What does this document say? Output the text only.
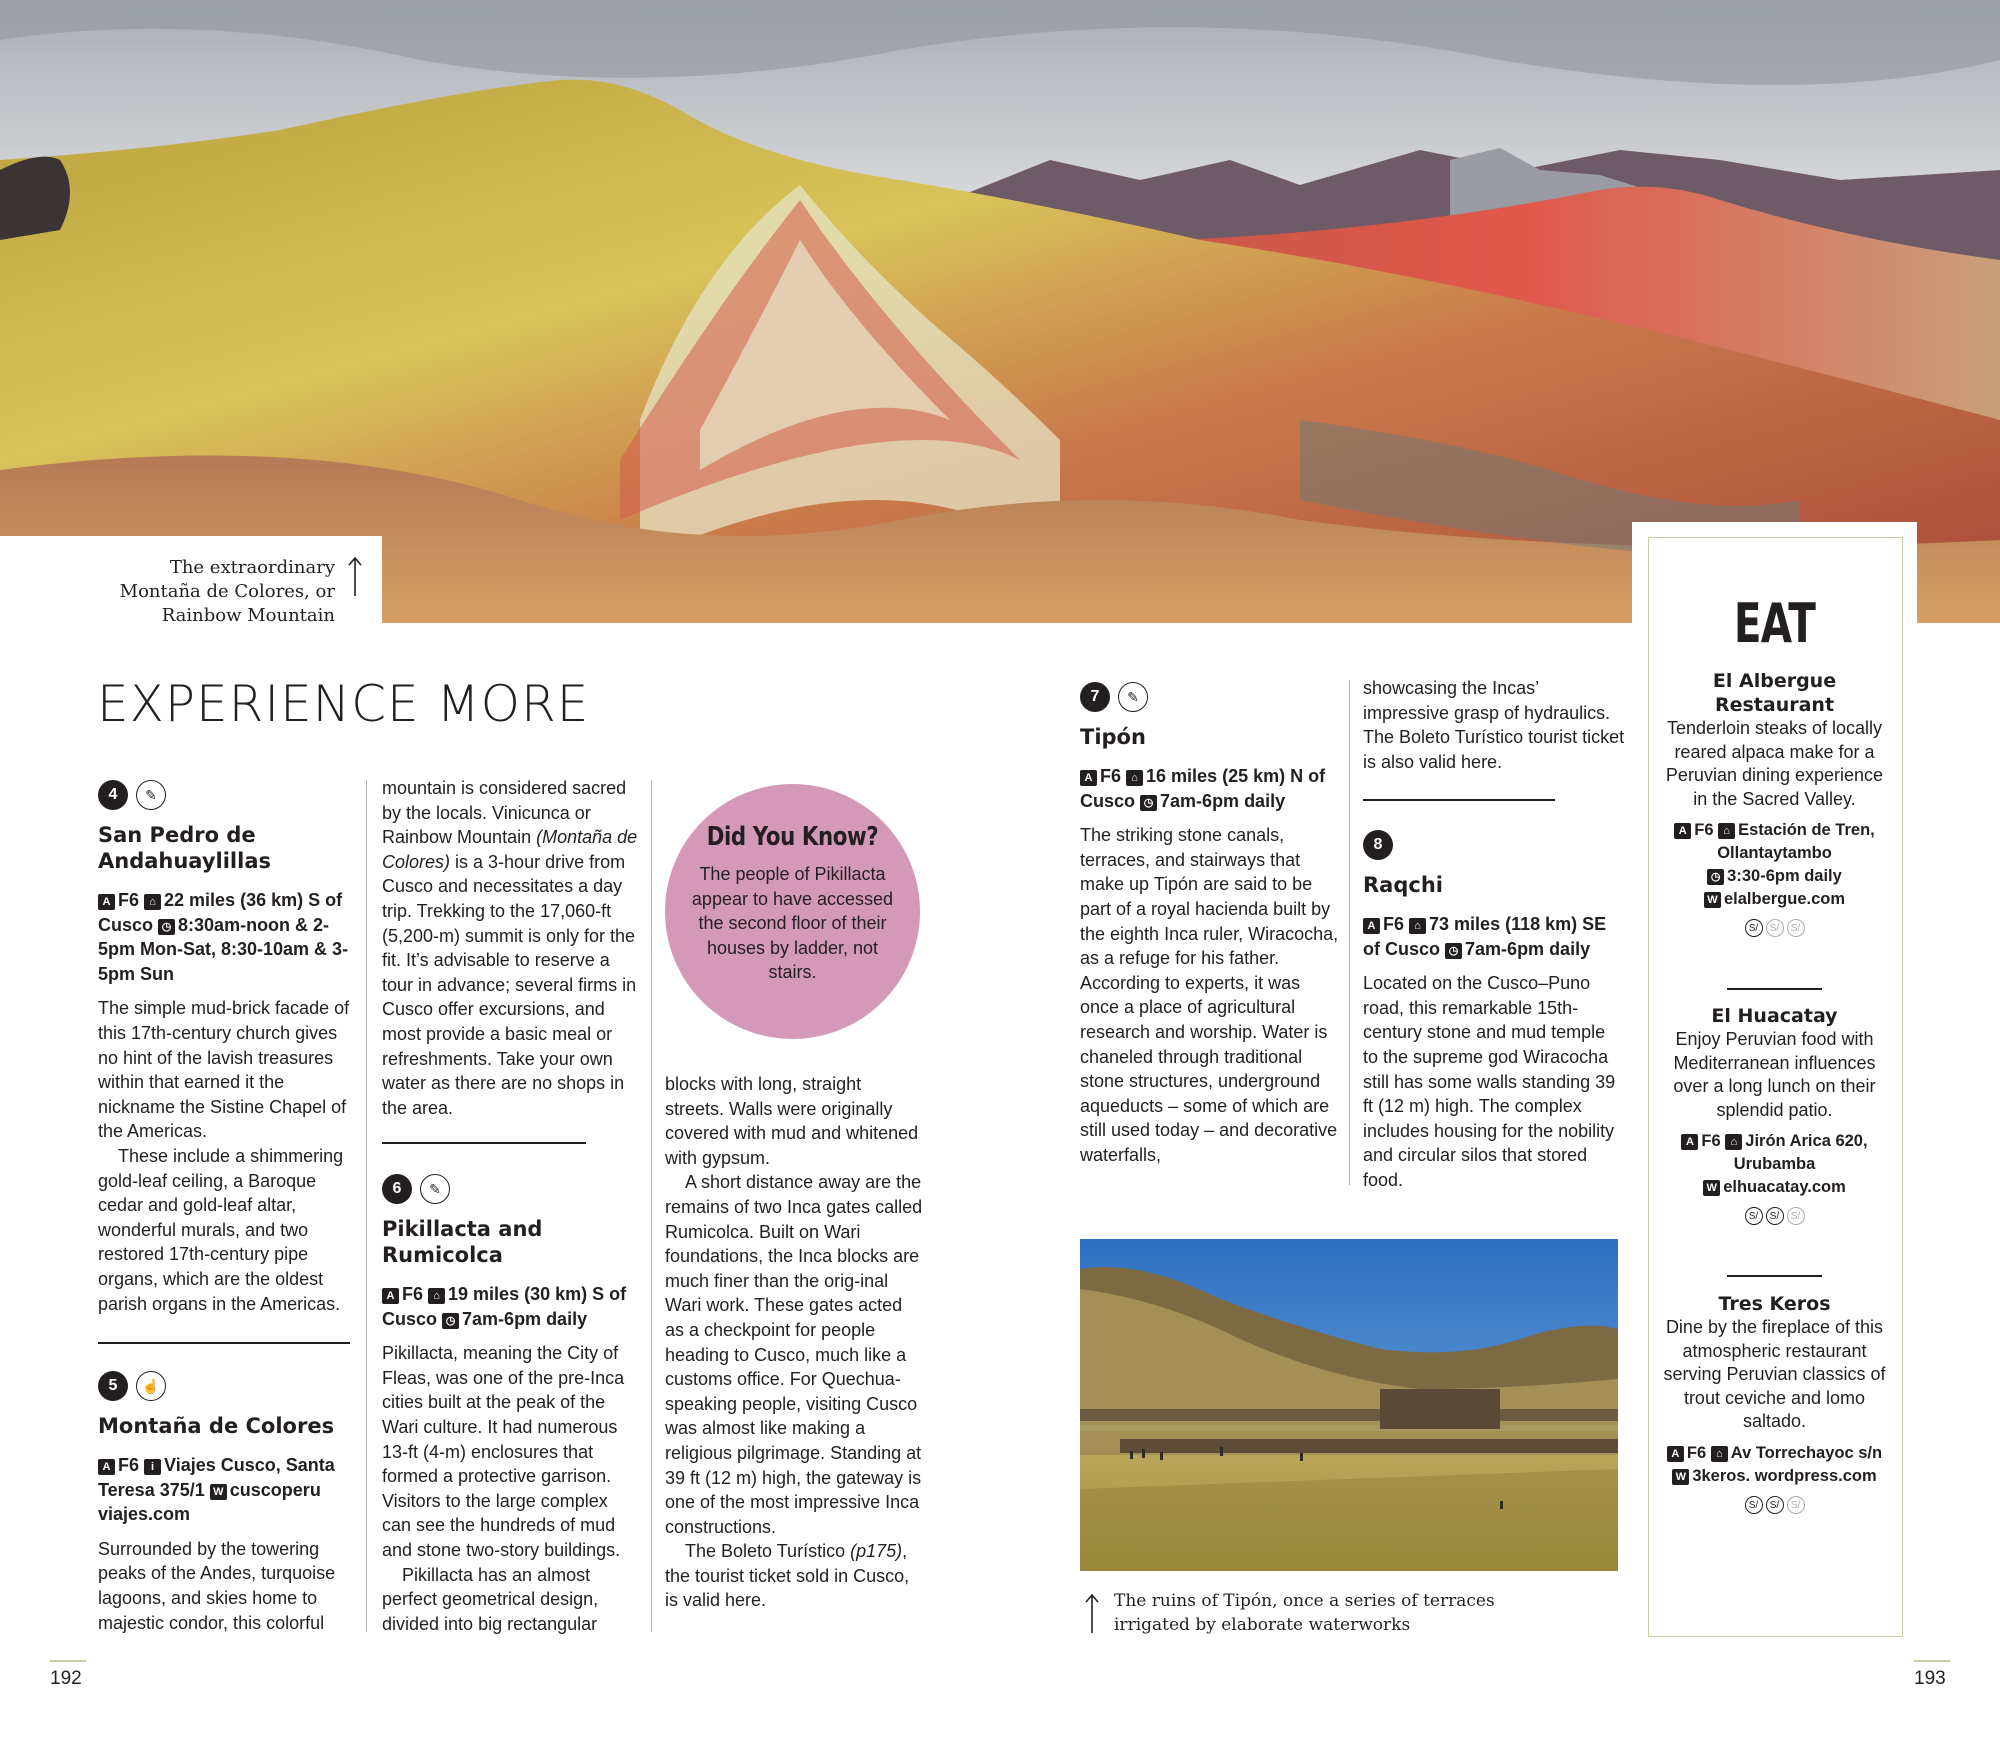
The extraordinary Montaña de Colores, or Rainbow Mountain
EXPERIENCE MORE
4	✎
San Pedro de Andahuaylillas
A F6 ⌂ 22 miles (36 km) S of Cusco ◷ 8:30am-noon & 2-5pm Mon-Sat, 8:30-10am & 3-5pm Sun

The simple mud-brick facade of this 17th-century church gives no hint of the lavish treasures within that earned it the nickname the Sistine Chapel of the Americas.

These include a shimmering gold-leaf ceiling, a Baroque cedar and gold-leaf altar, wonderful murals, and two restored 17th-century pipe organs, which are the oldest parish organs in the Americas.

5	☝
Montaña de Colores
A F6 i Viajes Cusco, Santa Teresa 375/1 W cuscoperu viajes.com

Surrounded by the towering peaks of the Andes, turquoise lagoons, and skies home to majestic condor, this colorful

mountain is considered sacred by the locals. Vinicunca or Rainbow Mountain (Montaña de Colores) is a 3-hour drive from Cusco and necessitates a day trip. Trekking to the 17,060-ft (5,200-m) summit is only for the fit. It’s advisable to reserve a tour in advance; several firms in Cusco offer excursions, and most provide a basic meal or refreshments. Take your own water as there are no shops in the area.

6	✎
Pikillacta and Rumicolca
A F6 ⌂ 19 miles (30 km) S of Cusco ◷ 7am-6pm daily

Pikillacta, meaning the City of Fleas, was one of the pre-Inca cities built at the peak of the Wari culture. It had numerous 13-ft (4-m) enclosures that formed a protective garrison. Visitors to the large complex can see the hundreds of mud and stone two-story buildings.

Pikillacta has an almost perfect geometrical design, divided into big rectangular

Did You Know?
The people of Pikillacta appear to have accessed the second floor of their houses by ladder, not stairs.

blocks with long, straight streets. Walls were originally covered with mud and whitened with gypsum.

A short distance away are the remains of two Inca gates called Rumicolca. Built on Wari foundations, the Inca blocks are much finer than the orig-inal Wari work. These gates acted as a checkpoint for people heading to Cusco, much like a customs office. For Quechua-speaking people, visiting Cusco was almost like making a religious pilgrimage. Standing at 39 ft (12 m) high, the gateway is one of the most impressive Inca constructions.

The Boleto Turístico (p175), the tourist ticket sold in Cusco, is valid here.

7	✎
Tipón
A F6 ⌂ 16 miles (25 km) N of Cusco ◷ 7am-6pm daily

The striking stone canals, terraces, and stairways that make up Tipón are said to be part of a royal hacienda built by the eighth Inca ruler, Wiracocha, as a refuge for his father. According to experts, it was once a place of agricultural research and worship. Water is chaneled through traditional stone structures, underground aqueducts – some of which are still used today – and decorative waterfalls,

showcasing the Incas’ impressive grasp of hydraulics. The Boleto Turístico tourist ticket is also valid here.

8
Raqchi
A F6 ⌂ 73 miles (118 km) SE of Cusco ◷ 7am-6pm daily

Located on the Cusco–Puno road, this remarkable 15th-century stone and mud temple to the supreme god Wiracocha still has some walls standing 39 ft (12 m) high. The complex includes housing for the nobility and circular silos that stored food.

The ruins of Tipón, once a series of terraces irrigated by elaborate waterworks
EAT
El Albergue Restaurant
Tenderloin steaks of locally reared alpaca make for a Peruvian dining experience in the Sacred Valley.
A F6 ⌂ Estación de Tren, Ollantaytambo
◷ 3:30-6pm daily
W elalbergue.com
S/	S/	S/
El Huacatay
Enjoy Peruvian food with Mediterranean influences over a long lunch on their splendid patio.
A F6 ⌂ Jirón Arica 620, Urubamba
W elhuacatay.com
S/	S/	S/
Tres Keros
Dine by the fireplace of this atmospheric restaurant serving Peruvian classics of trout ceviche and lomo saltado.
A F6 ⌂ Av Torrechayoc s/n
W 3keros. wordpress.com
S/	S/	S/
192	193
